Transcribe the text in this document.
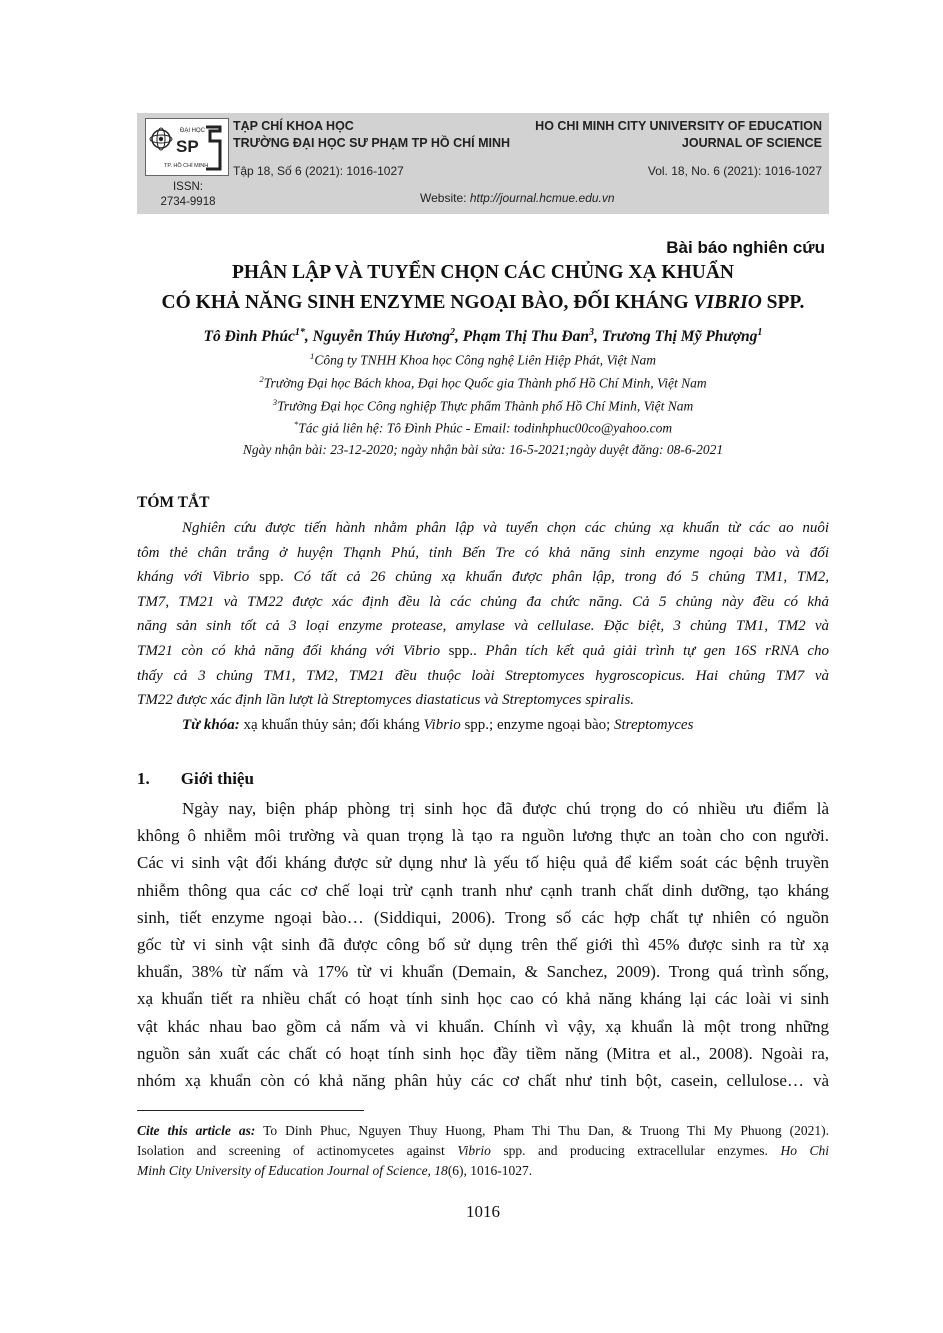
ĐẠI HỌC
SP
TP. HỒ CHÍ MINH
TẠP CHÍ KHOA HỌC
TRƯỜNG ĐẠI HỌC SƯ PHẠM TP HỒ CHÍ MINH
Tập 18, Số 6 (2021): 1016-1027
HO CHI MINH CITY UNIVERSITY OF EDUCATION
JOURNAL OF SCIENCE
Vol. 18, No. 6 (2021): 1016-1027
ISSN:
2734-9918	Website: http://journal.hcmue.edu.vn
Bài báo nghiên cứu
PHÂN LẬP VÀ TUYỂN CHỌN CÁC CHỦNG XẠ KHUẨN
CÓ KHẢ NĂNG SINH ENZYME NGOẠI BÀO, ĐỐI KHÁNG VIBRIO SPP.
Tô Đình Phúc$^{1*}$, Nguyễn Thúy Hương$^2$, Phạm Thị Thu Đan$^3$, Trương Thị Mỹ Phượng$^1$
$^1$Công ty TNHH Khoa học Công nghệ Liên Hiệp Phát, Việt Nam
$^2$Trường Đại học Bách khoa, Đại học Quốc gia Thành phố Hồ Chí Minh, Việt Nam
$^3$Trường Đại học Công nghiệp Thực phẩm Thành phố Hồ Chí Minh, Việt Nam
*Tác giả liên hệ: Tô Đình Phúc - Email: todinhphuc00co@yahoo.com
Ngày nhận bài: 23-12-2020; ngày nhận bài sửa: 16-5-2021;ngày duyệt đăng: 08-6-2021
TÓM TẮT
Nghiên cứu được tiến hành nhằm phân lập và tuyển chọn các chủng xạ khuẩn từ các ao nuôi
tôm thẻ chân trắng ở huyện Thạnh Phú, tỉnh Bến Tre có khả năng sinh enzyme ngoại bào và đối
kháng với Vibrio spp. Có tất cả 26 chủng xạ khuẩn được phân lập, trong đó 5 chủng TM1, TM2,
TM7, TM21 và TM22 được xác định đều là các chủng đa chức năng. Cả 5 chủng này đều có khả
năng sản sinh tốt cả 3 loại enzyme protease, amylase và cellulase. Đặc biệt, 3 chủng TM1, TM2 và
TM21 còn có khả năng đối kháng với Vibrio spp.. Phân tích kết quả giải trình tự gen 16S rRNA cho
thấy cả 3 chủng TM1, TM2, TM21 đều thuộc loài Streptomyces hygroscopicus. Hai chủng TM7 và
TM22 được xác định lần lượt là Streptomyces diastaticus và Streptomyces spiralis.
Từ khóa: xạ khuẩn thủy sản; đối kháng Vibrio spp.; enzyme ngoại bào; Streptomyces
1. Giới thiệu
Ngày nay, biện pháp phòng trị sinh học đã được chú trọng do có nhiều ưu điểm là
không ô nhiễm môi trường và quan trọng là tạo ra nguồn lương thực an toàn cho con người.
Các vi sinh vật đối kháng được sử dụng như là yếu tố hiệu quả để kiểm soát các bệnh truyền
nhiễm thông qua các cơ chế loại trừ cạnh tranh như cạnh tranh chất dinh dưỡng, tạo kháng
sinh, tiết enzyme ngoại bào… (Siddiqui, 2006). Trong số các hợp chất tự nhiên có nguồn
gốc từ vi sinh vật sinh đã được công bố sử dụng trên thế giới thì 45% được sinh ra từ xạ
khuẩn, 38% từ nấm và 17% từ vi khuẩn (Demain, & Sanchez, 2009). Trong quá trình sống,
xạ khuẩn tiết ra nhiều chất có hoạt tính sinh học cao có khả năng kháng lại các loài vi sinh
vật khác nhau bao gồm cả nấm và vi khuẩn. Chính vì vậy, xạ khuẩn là một trong những
nguồn sản xuất các chất có hoạt tính sinh học đầy tiềm năng (Mitra et al., 2008). Ngoài ra,
nhóm xạ khuẩn còn có khả năng phân hủy các cơ chất như tinh bột, casein, cellulose… và
Cite this article as: To Dinh Phuc, Nguyen Thuy Huong, Pham Thi Thu Dan, & Truong Thi My Phuong (2021).
Isolation and screening of actinomycetes against Vibrio spp. and producing extracellular enzymes. Ho Chi
Minh City University of Education Journal of Science, 18(6), 1016-1027.
1016
